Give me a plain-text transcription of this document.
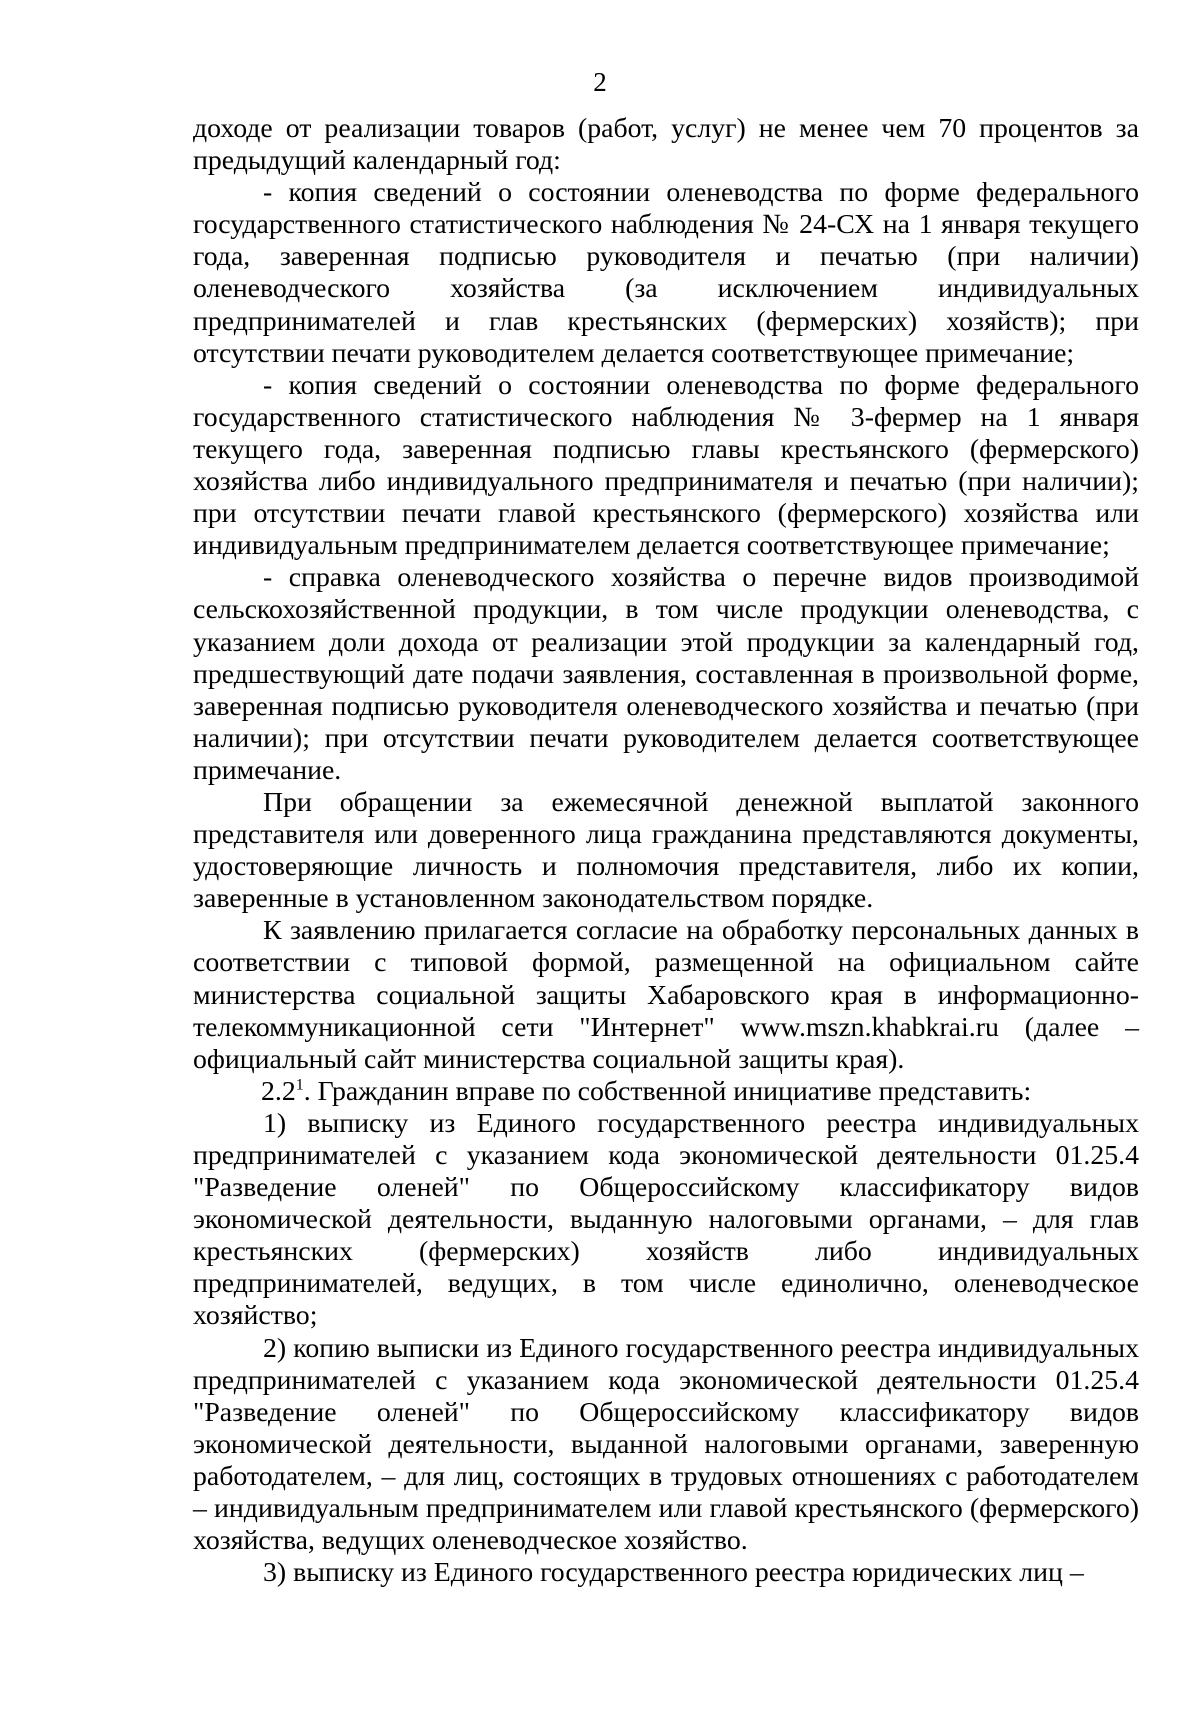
2

доходе от реализации товаров (работ, услуг) не менее чем 70 процентов за предыдущий календарный год:

- копия сведений о состоянии оленеводства по форме федерального государственного статистического наблюдения № 24-СХ на 1 января текущего года, заверенная подписью руководителя и печатью (при наличии) оленеводческого хозяйства (за исключением индивидуальных предпринимателей и глав крестьянских (фермерских) хозяйств); при отсутствии печати руководителем делается соответствующее примечание;

- копия сведений о состоянии оленеводства по форме федерального государственного статистического наблюдения № 3-фермер на 1 января текущего года, заверенная подписью главы крестьянского (фермерского) хозяйства либо индивидуального предпринимателя и печатью (при наличии); при отсутствии печати главой крестьянского (фермерского) хозяйства или индивидуальным предпринимателем делается соответствующее примечание;

- справка оленеводческого хозяйства о перечне видов производимой сельскохозяйственной продукции, в том числе продукции оленеводства, с указанием доли дохода от реализации этой продукции за календарный год, предшествующий дате подачи заявления, составленная в произвольной форме, заверенная подписью руководителя оленеводческого хозяйства и печатью (при наличии); при отсутствии печати руководителем делается соответствующее примечание.

При обращении за ежемесячной денежной выплатой законного представителя или доверенного лица гражданина представляются документы, удостоверяющие личность и полномочия представителя, либо их копии, заверенные в установленном законодательством порядке.

К заявлению прилагается согласие на обработку персональных данных в соответствии с типовой формой, размещенной на официальном сайте министерства социальной защиты Хабаровского края в информационно-телекоммуникационной сети "Интернет" www.mszn.khabkrai.ru (далее – официальный сайт министерства социальной защиты края).

$2.2^1$. Гражданин вправе по собственной инициативе представить:

1) выписку из Единого государственного реестра индивидуальных предпринимателей с указанием кода экономической деятельности 01.25.4 "Разведение оленей" по Общероссийскому классификатору видов экономической деятельности, выданную налоговыми органами, – для глав крестьянских (фермерских) хозяйств либо индивидуальных предпринимателей, ведущих, в том числе единолично, оленеводческое хозяйство;

2) копию выписки из Единого государственного реестра индивидуальных предпринимателей с указанием кода экономической деятельности 01.25.4 "Разведение оленей" по Общероссийскому классификатору видов экономической деятельности, выданной налоговыми органами, заверенную работодателем, – для лиц, состоящих в трудовых отношениях с работодателем – индивидуальным предпринимателем или главой крестьянского (фермерского) хозяйства, ведущих оленеводческое хозяйство.

3) выписку из Единого государственного реестра юридических лиц –
